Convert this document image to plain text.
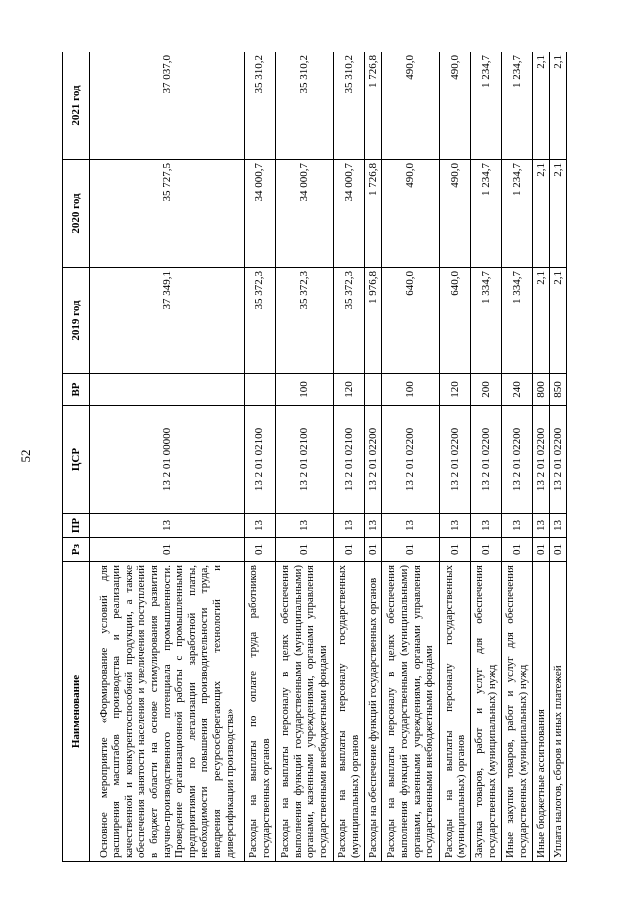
52
Наименование	Рз	ПР	ЦСР	ВР	2019 год	2020 год	2021 год
Основное мероприятие «Формирование условий для расширения масштабов производства и реализации качественной и конкурентоспособной продукции, а также обеспечения занятости населения и увеличения поступлений в бюджет области на основе стимулирования развития научно-производственного потенциала промышленности. Проведение организационной работы с промышленными предприятиями по легализации заработной платы, необходимости повышения производительности труда, внедрения ресурсосберегающих технологий и диверсификации производства»	01	13	13 2 01 00000		37 349,1	35 727,5	37 037,0
Расходы на выплаты по оплате труда работников государственных органов	01	13	13 2 01 02100		35 372,3	34 000,7	35 310,2
Расходы на выплаты персоналу в целях обеспечения выполнения функций государственными (муниципальными) органами, казенными учреждениями, органами управления государственными внебюджетными фондами	01	13	13 2 01 02100	100	35 372,3	34 000,7	35 310,2
Расходы на выплаты персоналу государственных (муниципальных) органов	01	13	13 2 01 02100	120	35 372,3	34 000,7	35 310,2
Расходы на обеспечение функций государственных органов	01	13	13 2 01 02200		1 976,8	1 726,8	1 726,8
Расходы на выплаты персоналу в целях обеспечения выполнения функций государственными (муниципальными) органами, казенными учреждениями, органами управления государственными внебюджетными фондами	01	13	13 2 01 02200	100	640,0	490,0	490,0
Расходы на выплаты персоналу государственных (муниципальных) органов	01	13	13 2 01 02200	120	640,0	490,0	490,0
Закупка товаров, работ и услуг для обеспечения государственных (муниципальных) нужд	01	13	13 2 01 02200	200	1 334,7	1 234,7	1 234,7
Иные закупки товаров, работ и услуг для обеспечения государственных (муниципальных) нужд	01	13	13 2 01 02200	240	1 334,7	1 234,7	1 234,7
Иные бюджетные ассигнования	01	13	13 2 01 02200	800	2,1	2,1	2,1
Уплата налогов, сборов и иных платежей	01	13	13 2 01 02200	850	2,1	2,1	2,1
